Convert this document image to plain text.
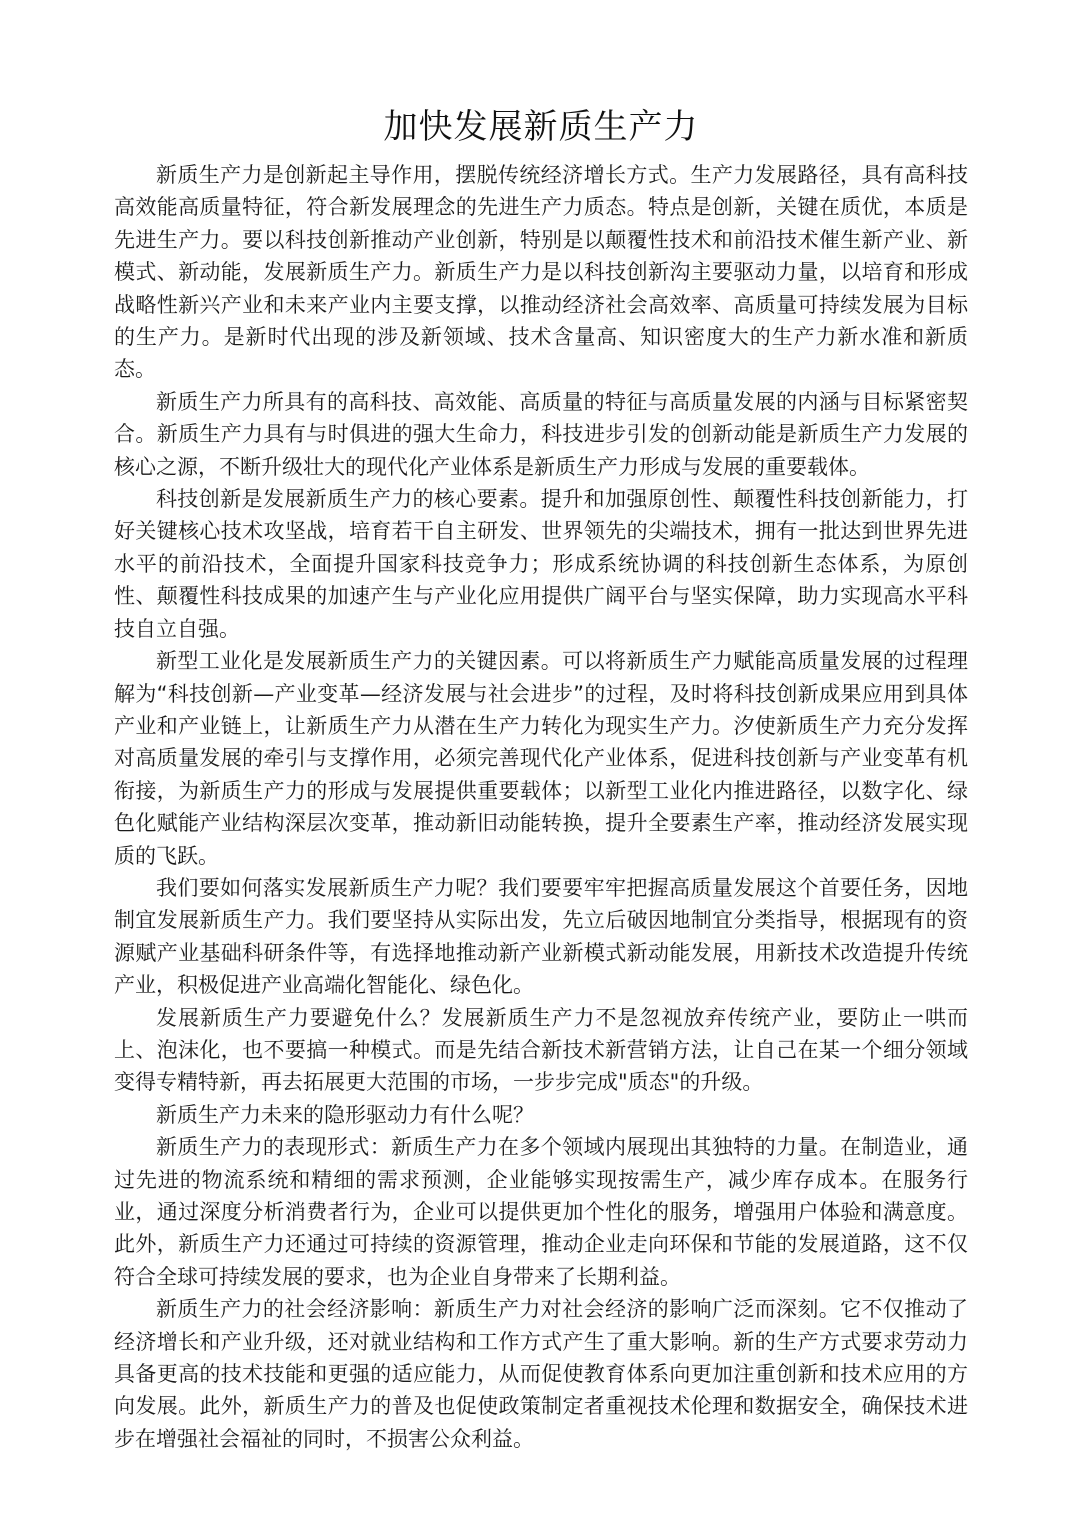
加快发展新质生产力

新质生产力是创新起主导作用，摆脱传统经济增长方式。生产力发展路径，具有高科技高效能高质量特征，符合新发展理念的先进生产力质态。特点是创新，关键在质优，本质是先进生产力。要以科技创新推动产业创新，特别是以颠覆性技术和前沿技术催生新产业、新模式、新动能，发展新质生产力。新质生产力是以科技创新沟主要驱动力量，以培育和形成战略性新兴产业和未来产业内主要支撑，以推动经济社会高效率、高质量可持续发展为目标的生产力。是新时代出现的涉及新领域、技术含量高、知识密度大的生产力新水准和新质态。

新质生产力所具有的高科技、高效能、高质量的特征与高质量发展的内涵与目标紧密契合。新质生产力具有与时俱进的强大生命力，科技进步引发的创新动能是新质生产力发展的核心之源，不断升级壮大的现代化产业体系是新质生产力形成与发展的重要载体。

科技创新是发展新质生产力的核心要素。提升和加强原创性、颠覆性科技创新能力，打好关键核心技术攻坚战，培育若干自主研发、世界领先的尖端技术，拥有一批达到世界先进水平的前沿技术，全面提升国家科技竞争力；形成系统协调的科技创新生态体系，为原创性、颠覆性科技成果的加速产生与产业化应用提供广阔平台与坚实保障，助力实现高水平科技自立自强。

新型工业化是发展新质生产力的关键因素。可以将新质生产力赋能高质量发展的过程理解为“科技创新—产业变革—经济发展与社会进步”的过程，及时将科技创新成果应用到具体产业和产业链上，让新质生产力从潜在生产力转化为现实生产力。汐使新质生产力充分发挥对高质量发展的牵引与支撑作用，必须完善现代化产业体系，促进科技创新与产业变革有机衔接，为新质生产力的形成与发展提供重要载体；以新型工业化内推进路径，以数字化、绿色化赋能产业结构深层次变革，推动新旧动能转换，提升全要素生产率，推动经济发展实现质的飞跃。

我们要如何落实发展新质生产力呢？我们要要牢牢把握高质量发展这个首要任务，因地制宜发展新质生产力。我们要坚持从实际出发，先立后破因地制宜分类指导，根据现有的资源赋产业基础科研条件等，有选择地推动新产业新模式新动能发展，用新技术改造提升传统产业，积极促进产业高端化智能化、绿色化。

发展新质生产力要避免什么？发展新质生产力不是忽视放弃传统产业，要防止一哄而上、泡沫化，也不要搞一种模式。而是先结合新技术新营销方法，让自己在某一个细分领域变得专精特新，再去拓展更大范围的市场，一步步完成"质态"的升级。

新质生产力未来的隐形驱动力有什么呢？

新质生产力的表现形式：新质生产力在多个领域内展现出其独特的力量。在制造业，通过先进的物流系统和精细的需求预测，企业能够实现按需生产，减少库存成本。在服务行业，通过深度分析消费者行为，企业可以提供更加个性化的服务，增强用户体验和满意度。此外，新质生产力还通过可持续的资源管理，推动企业走向环保和节能的发展道路，这不仅符合全球可持续发展的要求，也为企业自身带来了长期利益。

新质生产力的社会经济影响：新质生产力对社会经济的影响广泛而深刻。它不仅推动了经济增长和产业升级，还对就业结构和工作方式产生了重大影响。新的生产方式要求劳动力具备更高的技术技能和更强的适应能力，从而促使教育体系向更加注重创新和技术应用的方向发展。此外，新质生产力的普及也促使政策制定者重视技术伦理和数据安全，确保技术进步在增强社会福祉的同时，不损害公众利益。
